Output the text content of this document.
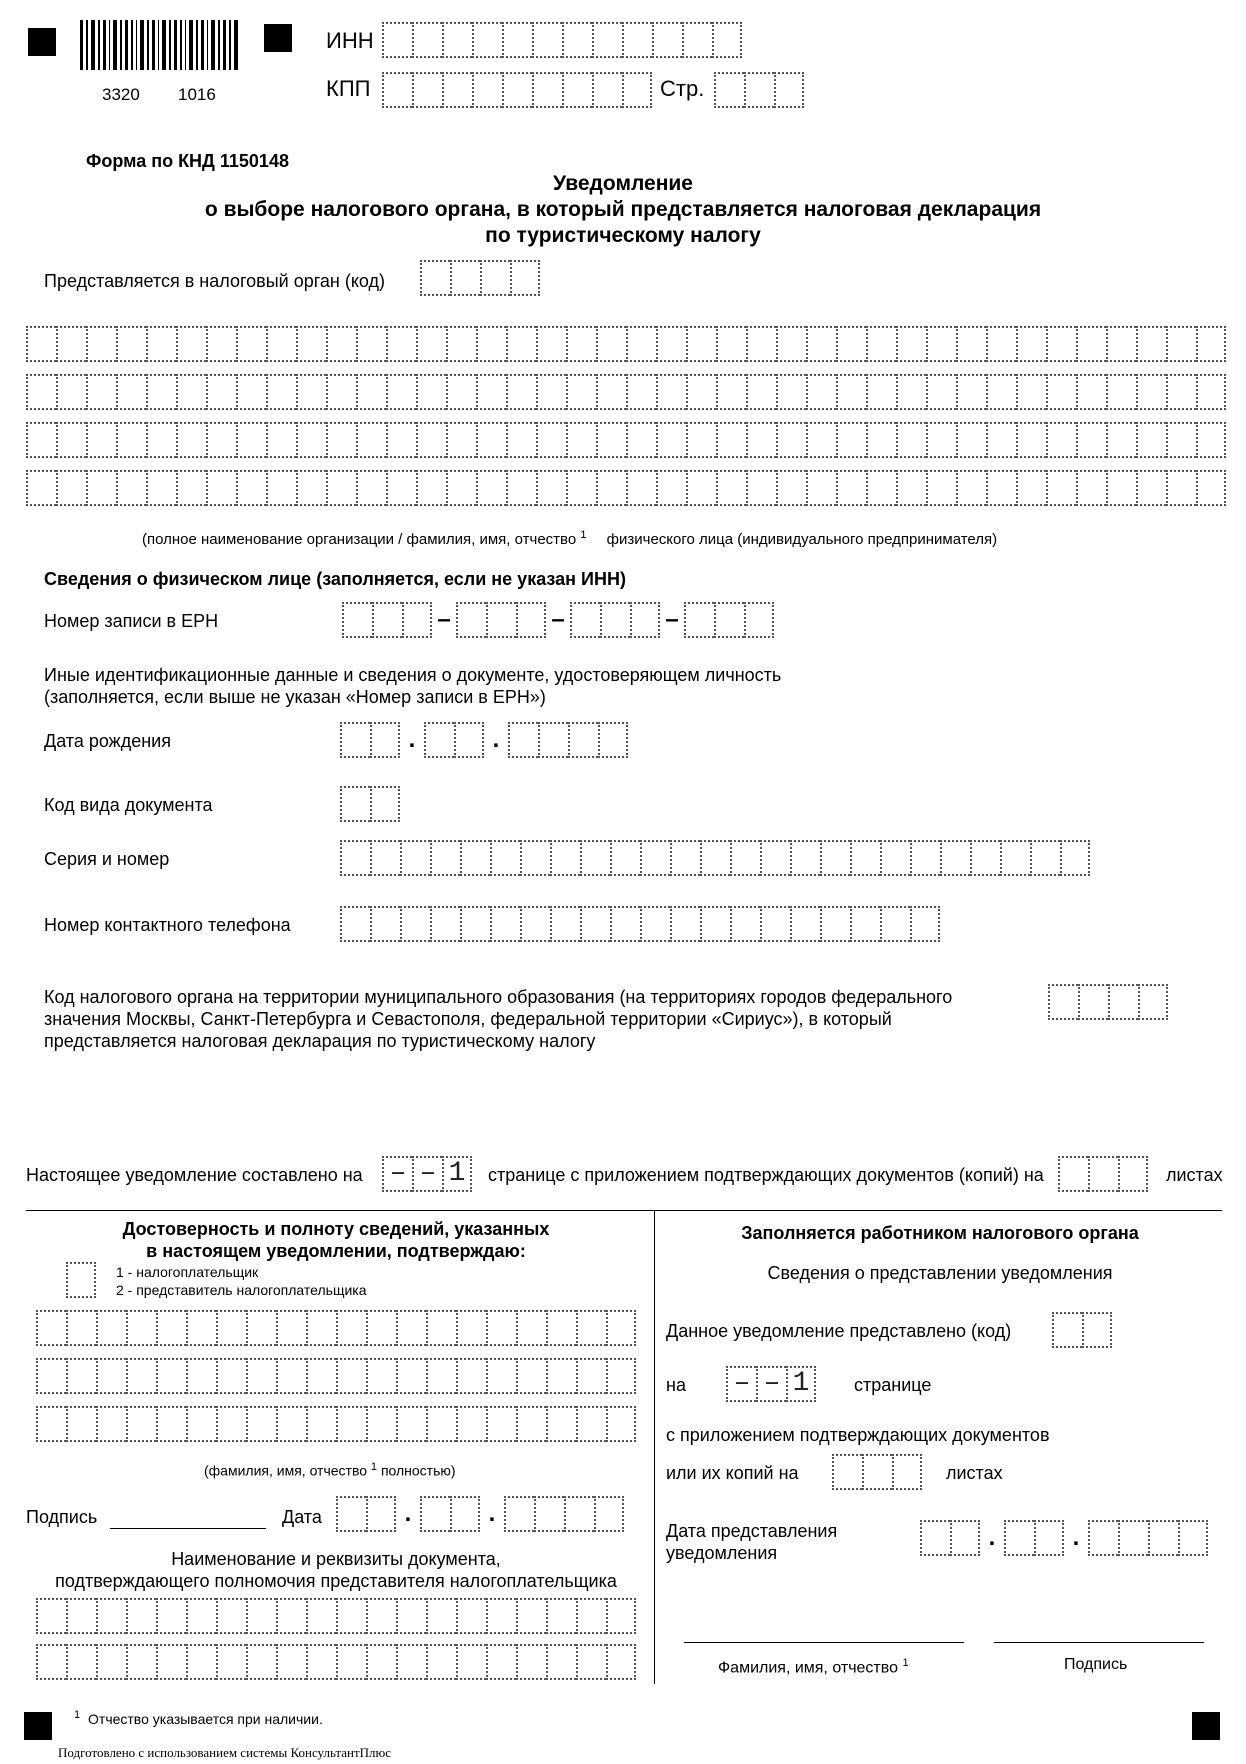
3320 1016
ИНН
КПП	Стр.
Форма по КНД 1150148
Уведомление
о выборе налогового органа, в который представляется налоговая декларация
по туристическому налогу
Представляется в налоговый орган (код)
(полное наименование организации / фамилия, имя, отчество $^1$ физического лица (индивидуального предпринимателя)
Сведения о физическом лице (заполняется, если не указан ИНН)
Номер записи в ЕРН	–	–	–
Иные идентификационные данные и сведения о документе, удостоверяющем личность
(заполняется, если выше не указан «Номер записи в ЕРН»)
Дата рождения	.	.
Код вида документа
Серия и номер
Номер контактного телефона
Код налогового органа на территории муниципального образования (на территориях городов федерального
значения Москвы, Санкт-Петербурга и Севастополя, федеральной территории «Сириус»), в который
представляется налоговая декларация по туристическому налогу
Настоящее уведомление составлено на – – 1 странице с приложением подтверждающих документов (копий) на	листах
Достоверность и полноту сведений, указанных
в настоящем уведомлении, подтверждаю:
1 - налогоплательщик
2 - представитель налогоплательщика
(фамилия, имя, отчество $^1$ полностью)
Подпись	Дата	.	.
Наименование и реквизиты документа,
подтверждающего полномочия представителя налогоплательщика
Заполняется работником налогового органа
Сведения о представлении уведомления
Данное уведомление представлено (код)
на – – 1 странице
с приложением подтверждающих документов
или их копий на	листах
Дата представления
уведомления
.	.
Фамилия, имя, отчество $^1$	Подпись
$^1$ Отчество указывается при наличии.
Подготовлено с использованием системы КонсультантПлюс
